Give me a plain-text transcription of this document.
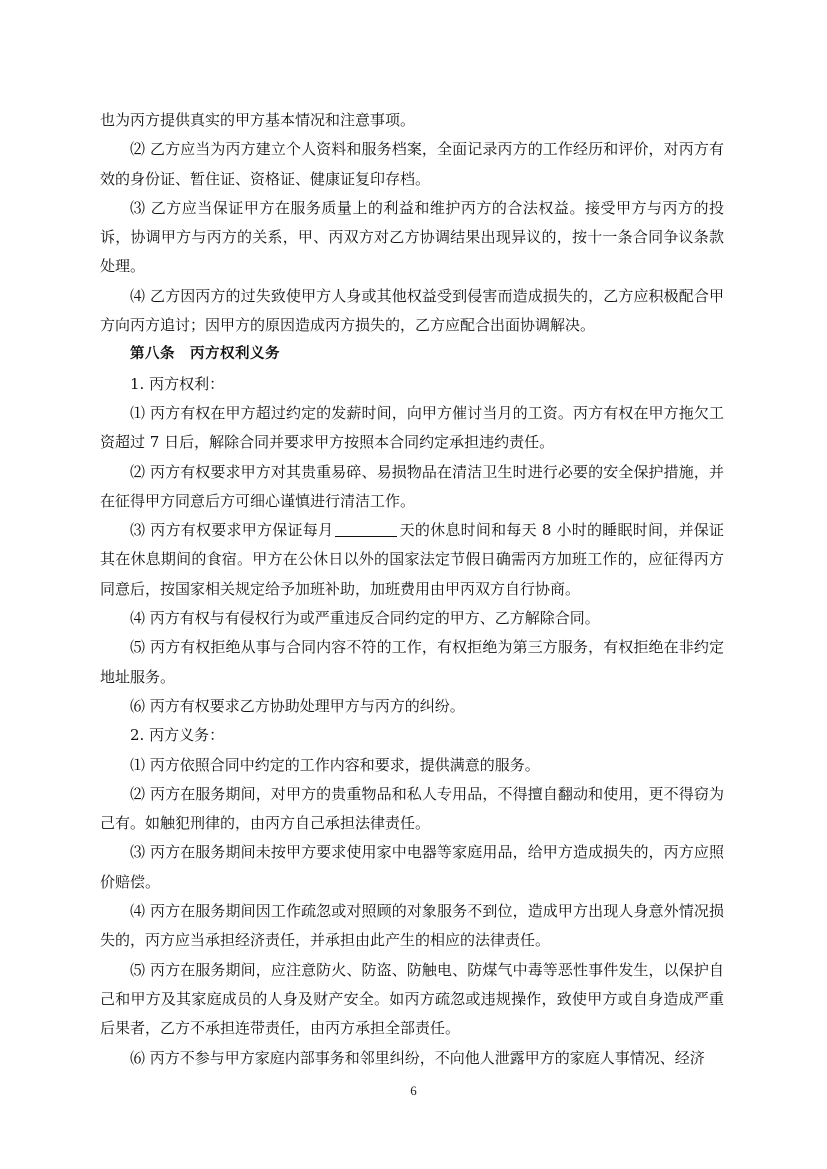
也为丙方提供真实的甲方基本情况和注意事项。

⑵ 乙方应当为丙方建立个人资料和服务档案，全面记录丙方的工作经历和评价，对丙方有效的身份证、暂住证、资格证、健康证复印存档。

⑶ 乙方应当保证甲方在服务质量上的利益和维护丙方的合法权益。接受甲方与丙方的投诉，协调甲方与丙方的关系，甲、丙双方对乙方协调结果出现异议的，按十一条合同争议条款处理。

⑷ 乙方因丙方的过失致使甲方人身或其他权益受到侵害而造成损失的，乙方应积极配合甲方向丙方追讨；因甲方的原因造成丙方损失的，乙方应配合出面协调解决。

第八条　丙方权利义务

1. 丙方权利：

⑴ 丙方有权在甲方超过约定的发薪时间，向甲方催讨当月的工资。丙方有权在甲方拖欠工资超过 7 日后，解除合同并要求甲方按照本合同约定承担违约责任。

⑵ 丙方有权要求甲方对其贵重易碎、易损物品在清洁卫生时进行必要的安全保护措施，并在征得甲方同意后方可细心谨慎进行清洁工作。

⑶ 丙方有权要求甲方保证每月	天的休息时间和每天 8 小时的睡眠时间，并保证其在休息期间的食宿。甲方在公休日以外的国家法定节假日确需丙方加班工作的，应征得丙方同意后，按国家相关规定给予加班补助，加班费用由甲丙双方自行协商。

⑷ 丙方有权与有侵权行为或严重违反合同约定的甲方、乙方解除合同。

⑸ 丙方有权拒绝从事与合同内容不符的工作，有权拒绝为第三方服务，有权拒绝在非约定地址服务。

⑹ 丙方有权要求乙方协助处理甲方与丙方的纠纷。

2. 丙方义务：

⑴ 丙方依照合同中约定的工作内容和要求，提供满意的服务。

⑵ 丙方在服务期间，对甲方的贵重物品和私人专用品，不得擅自翻动和使用，更不得窃为己有。如触犯刑律的，由丙方自己承担法律责任。

⑶ 丙方在服务期间未按甲方要求使用家中电器等家庭用品，给甲方造成损失的，丙方应照价赔偿。

⑷ 丙方在服务期间因工作疏忽或对照顾的对象服务不到位，造成甲方出现人身意外情况损失的，丙方应当承担经济责任，并承担由此产生的相应的法律责任。

⑸ 丙方在服务期间，应注意防火、防盗、防触电、防煤气中毒等恶性事件发生，以保护自己和甲方及其家庭成员的人身及财产安全。如丙方疏忽或违规操作，致使甲方或自身造成严重后果者，乙方不承担连带责任，由丙方承担全部责任。

⑹ 丙方不参与甲方家庭内部事务和邻里纠纷，不向他人泄露甲方的家庭人事情况、经济

6
